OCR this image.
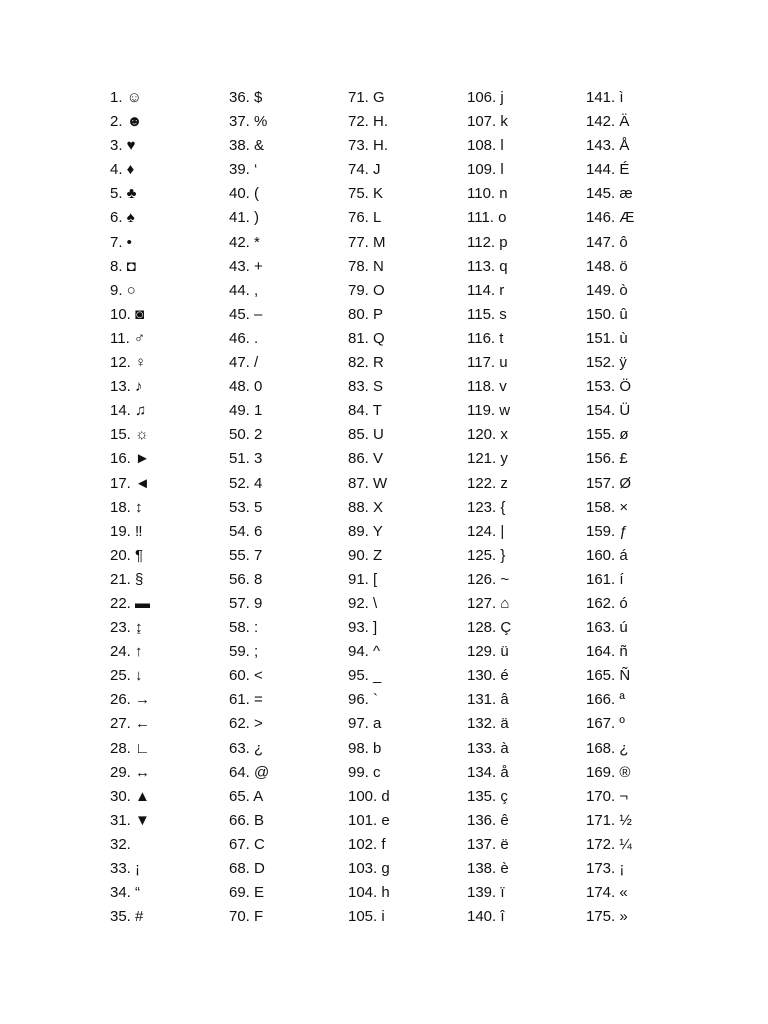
1. ☺
2. ☻
3. ♥
4. ♦
5. ♣
6. ♠
7. •
8. ◘
9. ○
10. ◙
11. ♂
12. ♀
13. ♪
14. ♫
15. ☼
16. ►
17. ◄
18. ↕
19. ‼
20. ¶
21. §
22. ▬
23. ↨
24. ↑
25. ↓
26. →
27. ←
28. ∟
29. ↔
30. ▲
31. ▼
32.
33. ¡
34. “
35. #
36. $
37. %
38. &
39. ‘
40. (
41. )
42. *
43. +
44. ,
45. –
46. .
47. /
48. 0
49. 1
50. 2
51. 3
52. 4
53. 5
54. 6
55. 7
56. 8
57. 9
58. :
59. ;
60. <
61. =
62. >
63. ¿
64. @
65. A
66. B
67. C
68. D
69. E
70. F
71. G
72. H.
73. H.
74. J
75. K
76. L
77. M
78. N
79. O
80. P
81. Q
82. R
83. S
84. T
85. U
86. V
87. W
88. X
89. Y
90. Z
91. [
92. \
93. ]
94. ^
95. _
96. `
97. a
98. b
99. c
100. d
101. e
102. f
103. g
104. h
105. i
106. j
107. k
108. l
109. l
110. n
111. o
112. p
113. q
114. r
115. s
116. t
117. u
118. v
119. w
120. x
121. y
122. z
123. {
124. |
125. }
126. ~
127. ⌂
128. Ç
129. ü
130. é
131. â
132. ä
133. à
134. å
135. ç
136. ê
137. ë
138. è
139. ï
140. î
141. ì
142. Ä
143. Å
144. É
145. æ
146. Æ
147. ô
148. ö
149. ò
150. û
151. ù
152. ÿ
153. Ö
154. Ü
155. ø
156. £
157. Ø
158. ×
159. ƒ
160. á
161. í
162. ó
163. ú
164. ñ
165. Ñ
166. ª
167. º
168. ¿
169. ®
170. ¬
171. ½
172. ¼
173. ¡
174. «
175. »
